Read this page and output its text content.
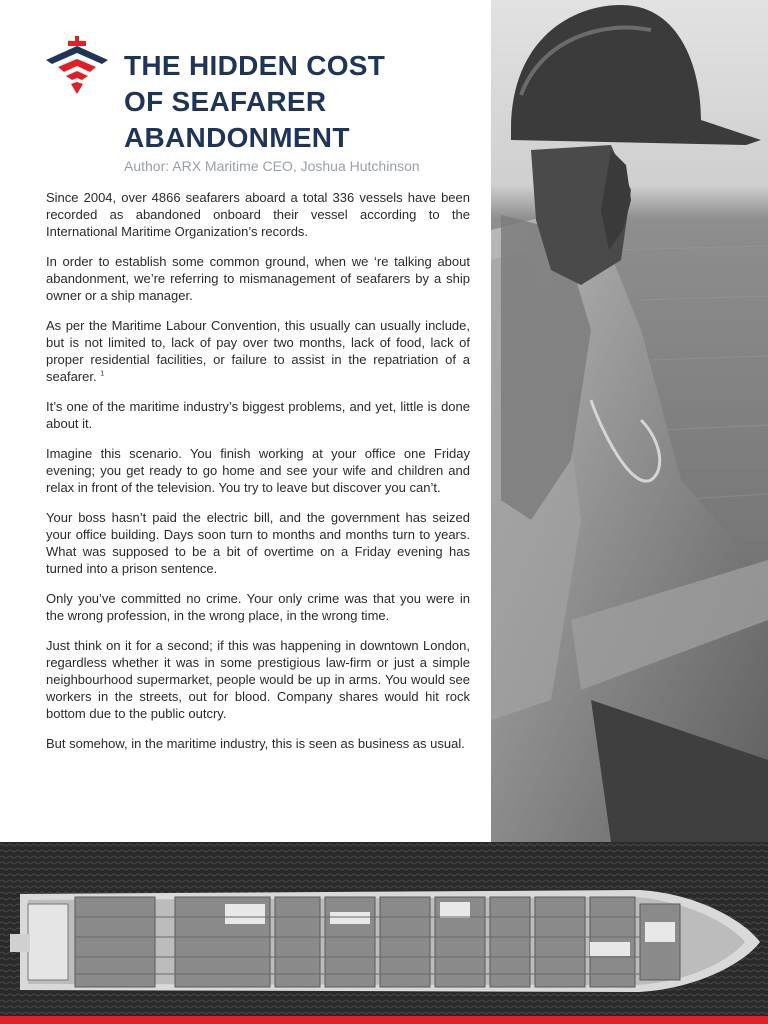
THE HIDDEN COST
OF SEAFARER
ABANDONMENT
Author: ARX Maritime CEO, Joshua Hutchinson

Since 2004, over 4866 seafarers aboard a total 336 vessels have been recorded as abandoned onboard their vessel according to the International Maritime Organization’s records.

In order to establish some common ground, when we ‘re talking about abandonment, we’re referring to mismanagement of seafarers by a ship owner or a ship manager.

As per the Maritime Labour Convention, this usually can usually include, but is not limited to, lack of pay over two months, lack of food, lack of proper residential facilities, or failure to assist in the repatriation of a seafarer. $^1$

It’s one of the maritime industry’s biggest problems, and yet, little is done about it.

Imagine this scenario. You finish working at your office one Friday evening; you get ready to go home and see your wife and children and relax in front of the television. You try to leave but discover you can’t.

Your boss hasn’t paid the electric bill, and the government has seized your office building. Days soon turn to months and months turn to years. What was supposed to be a bit of overtime on a Friday evening has turned into a prison sentence.

Only you’ve committed no crime. Your only crime was that you were in the wrong profession, in the wrong place, in the wrong time.

Just think on it for a second; if this was happening in downtown London, regardless whether it was in some prestigious law-firm or just a simple neighbourhood supermarket, people would be up in arms. You would see workers in the streets, out for blood. Company shares would hit rock bottom due to the public outcry.

But somehow, in the maritime industry, this is seen as business as usual.
